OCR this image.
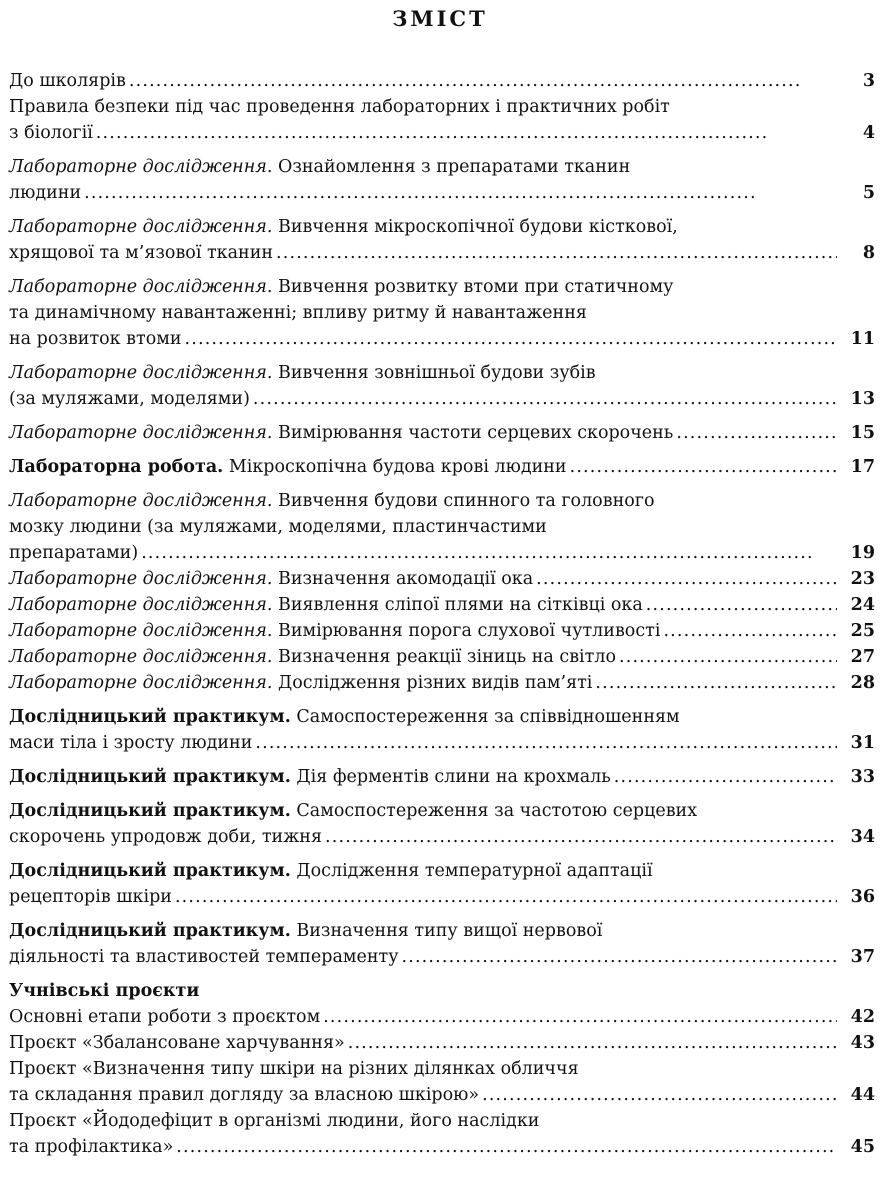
ЗМІСТ
До школярів . . .	3
Правила безпеки під час проведення лабораторних і практичних робіт
з біології . . .	4
Лабораторне дослідження. Ознайомлення з препаратами тканин
людини . . .	5
Лабораторне дослідження. Вивчення мікроскопічної будови кісткової,
хрящової та м’язової тканин . . .	8
Лабораторне дослідження. Вивчення розвитку втоми при статичному
та динамічному навантаженні; впливу ритму й навантаження
на розвиток втоми . . .	11
Лабораторне дослідження. Вивчення зовнішньої будови зубів
(за муляжами, моделями) . . .	13
Лабораторне дослідження. Вимірювання частоти серцевих скорочень . . .	15
Лабораторна робота. Мікроскопічна будова крові людини . . .	17
Лабораторне дослідження. Вивчення будови спинного та головного
мозку людини (за муляжами, моделями, пластинчастими
препаратами) . . .	19
Лабораторне дослідження. Визначення акомодації ока . . .	23
Лабораторне дослідження. Виявлення сліпої плями на сітківці ока . . .	24
Лабораторне дослідження. Вимірювання порога слухової чутливості . . .	25
Лабораторне дослідження. Визначення реакції зіниць на світло . . .	27
Лабораторне дослідження. Дослідження різних видів пам’яті . . .	28
Дослідницький практикум. Самоспостереження за співвідношенням
маси тіла і зросту людини . . .	31
Дослідницький практикум. Дія ферментів слини на крохмаль . . .	33
Дослідницький практикум. Самоспостереження за частотою серцевих
скорочень упродовж доби, тижня . . .	34
Дослідницький практикум. Дослідження температурної адаптації
рецепторів шкіри . . .	36
Дослідницький практикум. Визначення типу вищої нервової
діяльності та властивостей темпераменту . . .	37
Учнівські проєкти
Основні етапи роботи з проєктом . . .	42
Проєкт «Збалансоване харчування» . . .	43
Проєкт «Визначення типу шкіри на різних ділянках обличчя
та складання правил догляду за власною шкірою» . . .	44
Проєкт «Йододефіцит в організмі людини, його наслідки
та профілактика» . . .	45
